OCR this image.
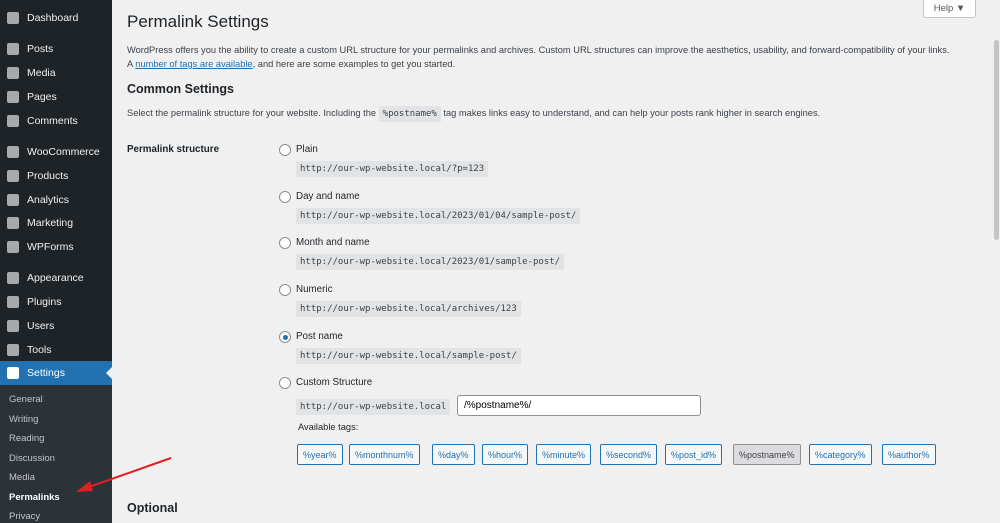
Dashboard
Posts
Media
Pages
Comments
WooCommerce
Products
Analytics
Marketing
WPForms
Appearance
Plugins
Users
Tools
Settings
General
Writing
Reading
Discussion
Media
Permalinks
Privacy
Help ▼
Permalink Settings
WordPress offers you the ability to create a custom URL structure for your permalinks and archives. Custom URL structures can improve the aesthetics, usability, and forward-compatibility of your links.
A number of tags are available, and here are some examples to get you started.
Common Settings
Select the permalink structure for your website. Including the %postname% tag makes links easy to understand, and can help your posts rank higher in search engines.
Permalink structure	Plain
http://our-wp-website.local/?p=123
Day and name
http://our-wp-website.local/2023/01/04/sample-post/
Month and name
http://our-wp-website.local/2023/01/sample-post/
Numeric
http://our-wp-website.local/archives/123
Post name
http://our-wp-website.local/sample-post/
Custom Structure
http://our-wp-website.local
/%postname%/
Available tags:
%year%	%monthnum%	%day%	%hour%	%minute%	%second%	%post_id%	%postname%	%category%	%author%
Optional
